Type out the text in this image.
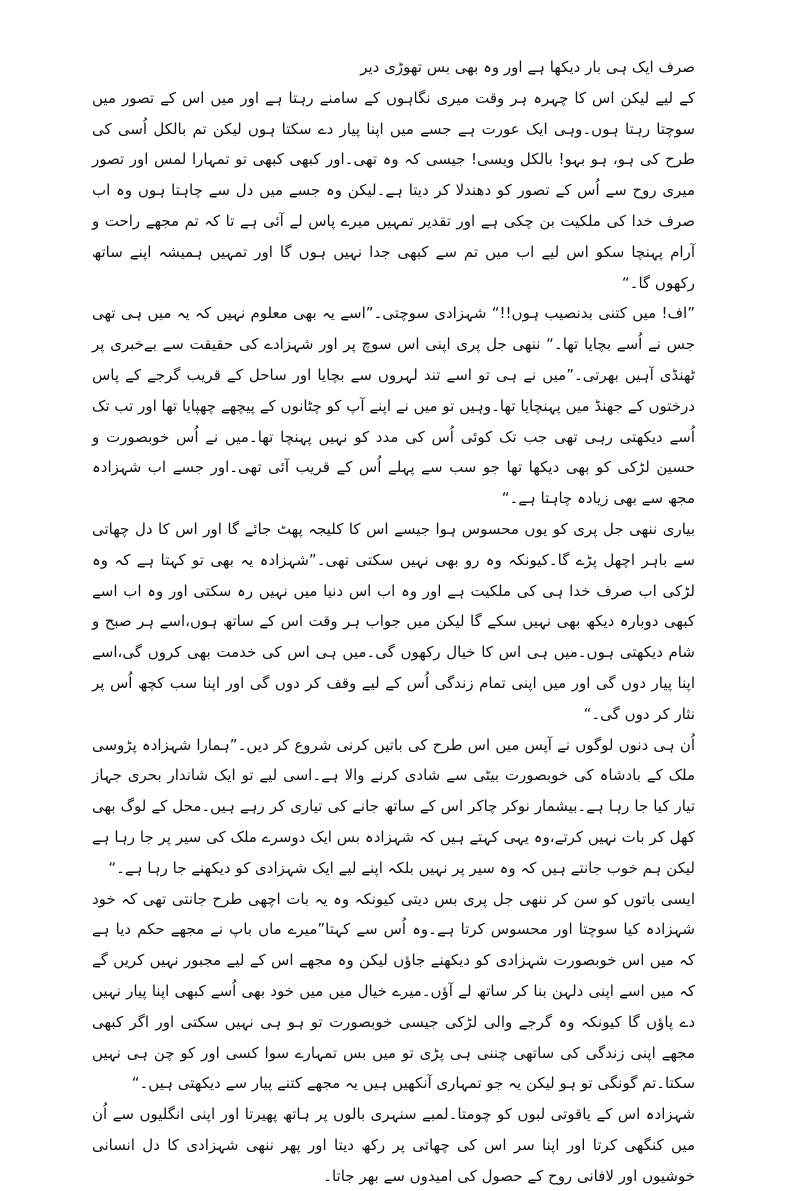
صرف ایک ہی بار دیکھا ہے اور وہ بھی بس تھوڑی دیر

کے لیے لیکن اس کا چہرہ ہر وقت میری نگاہوں کے سامنے رہتا ہے اور میں اس کے تصور میں سوچتا رہتا ہوں۔وہی ایک عورت ہے جسے میں اپنا پیار دے سکتا ہوں لیکن تم بالکل اُسی کی طرح کی ہو، ہو بہو! بالکل ویسی! جیسی کہ وہ تھی۔اور کبھی کبھی تو تمہارا لمس اور تصور میری روح سے اُس کے تصور کو دھندلا کر دیتا ہے۔لیکن وہ جسے میں دل سے چاہتا ہوں وہ اب صرف خدا کی ملکیت بن چکی ہے اور تقدیر تمہیں میرے پاس لے آئی ہے تا کہ تم مجھے راحت و آرام پہنچا سکو اس لیے اب میں تم سے کبھی جدا نہیں ہوں گا اور تمہیں ہمیشہ اپنے ساتھ رکھوں گا۔“

”اف! میں کتنی بدنصیب ہوں!!“ شہزادی سوچتی۔”اسے یہ بھی معلوم نہیں کہ یہ میں ہی تھی جس نے اُسے بچایا تھا۔“ ننھی جل پری اپنی اس سوچ پر اور شہزادے کی حقیقت سے بےخبری پر ٹھنڈی آہیں بھرتی۔”میں نے ہی تو اسے تند لہروں سے بچایا اور ساحل کے قریب گرجے کے پاس درختوں کے جھنڈ میں پہنچایا تھا۔وہیں تو میں نے اپنے آپ کو چٹانوں کے پیچھے چھپایا تھا اور تب تک اُسے دیکھتی رہی تھی جب تک کوئی اُس کی مدد کو نہیں پہنچا تھا۔میں نے اُس خوبصورت و حسین لڑکی کو بھی دیکھا تھا جو سب سے پہلے اُس کے قریب آئی تھی۔اور جسے اب شہزادہ مجھ سے بھی زیادہ چاہتا ہے۔“

بیاری ننھی جل پری کو یوں محسوس ہوا جیسے اس کا کلیجہ پھٹ جائے گا اور اس کا دل چھاتی سے باہر اچھل پڑے گا۔کیونکہ وہ رو بھی نہیں سکتی تھی۔”شہزادہ یہ بھی تو کہتا ہے کہ وہ لڑکی اب صرف خدا ہی کی ملکیت ہے اور وہ اب اس دنیا میں نہیں رہ سکتی اور وہ اب اسے کبھی دوبارہ دیکھ بھی نہیں سکے گا لیکن میں جواب ہر وقت اس کے ساتھ ہوں،اسے ہر صبح و شام دیکھتی ہوں۔میں ہی اس کا خیال رکھوں گی۔میں ہی اس کی خدمت بھی کروں گی،اسے اپنا پیار دوں گی اور میں اپنی تمام زندگی اُس کے لیے وقف کر دوں گی اور اپنا سب کچھ اُس پر نثار کر دوں گی۔“

اُن ہی دنوں لوگوں نے آپس میں اس طرح کی باتیں کرنی شروع کر دیں۔”ہمارا شہزادہ پڑوسی ملک کے بادشاہ کی خوبصورت بیٹی سے شادی کرنے والا ہے۔اسی لیے تو ایک شاندار بحری جہاز تیار کیا جا رہا ہے۔بیشمار نوکر چاکر اس کے ساتھ جانے کی تیاری کر رہے ہیں۔محل کے لوگ بھی کھل کر بات نہیں کرتے،وہ یہی کہتے ہیں کہ شہزادہ بس ایک دوسرے ملک کی سیر پر جا رہا ہے لیکن ہم خوب جانتے ہیں کہ وہ سیر پر نہیں بلکہ اپنے لیے ایک شہزادی کو دیکھنے جا رہا ہے۔“

ایسی باتوں کو سن کر ننھی جل پری بس دیتی کیونکہ وہ یہ بات اچھی طرح جانتی تھی کہ خود شہزادہ کیا سوچتا اور محسوس کرتا ہے۔وہ اُس سے کہتا”میرے ماں باپ نے مجھے حکم دیا ہے کہ میں اس خوبصورت شہزادی کو دیکھنے جاؤں لیکن وہ مجھے اس کے لیے مجبور نہیں کریں گے کہ میں اسے اپنی دلہن بنا کر ساتھ لے آؤں۔میرے خیال میں میں خود بھی اُسے کبھی اپنا پیار نہیں دے پاؤں گا کیونکہ وہ گرجے والی لڑکی جیسی خوبصورت تو ہو ہی نہیں سکتی اور اگر کبھی مجھے اپنی زندگی کی ساتھی چننی ہی پڑی تو میں بس تمہارے سوا کسی اور کو چن ہی نہیں سکتا۔تم گونگی تو ہو لیکن یہ جو تمہاری آنکھیں ہیں یہ مجھے کتنے پیار سے دیکھتی ہیں۔“

شہزادہ اس کے یاقوتی لبوں کو چومتا۔لمبے سنہری بالوں پر ہاتھ پھیرتا اور اپنی انگلیوں سے اُن میں کنگھی کرتا اور اپنا سر اس کی چھاتی پر رکھ دیتا اور پھر ننھی شہزادی کا دل انسانی خوشیوں اور لافانی روح کے حصول کی امیدوں سے بھر جاتا۔
